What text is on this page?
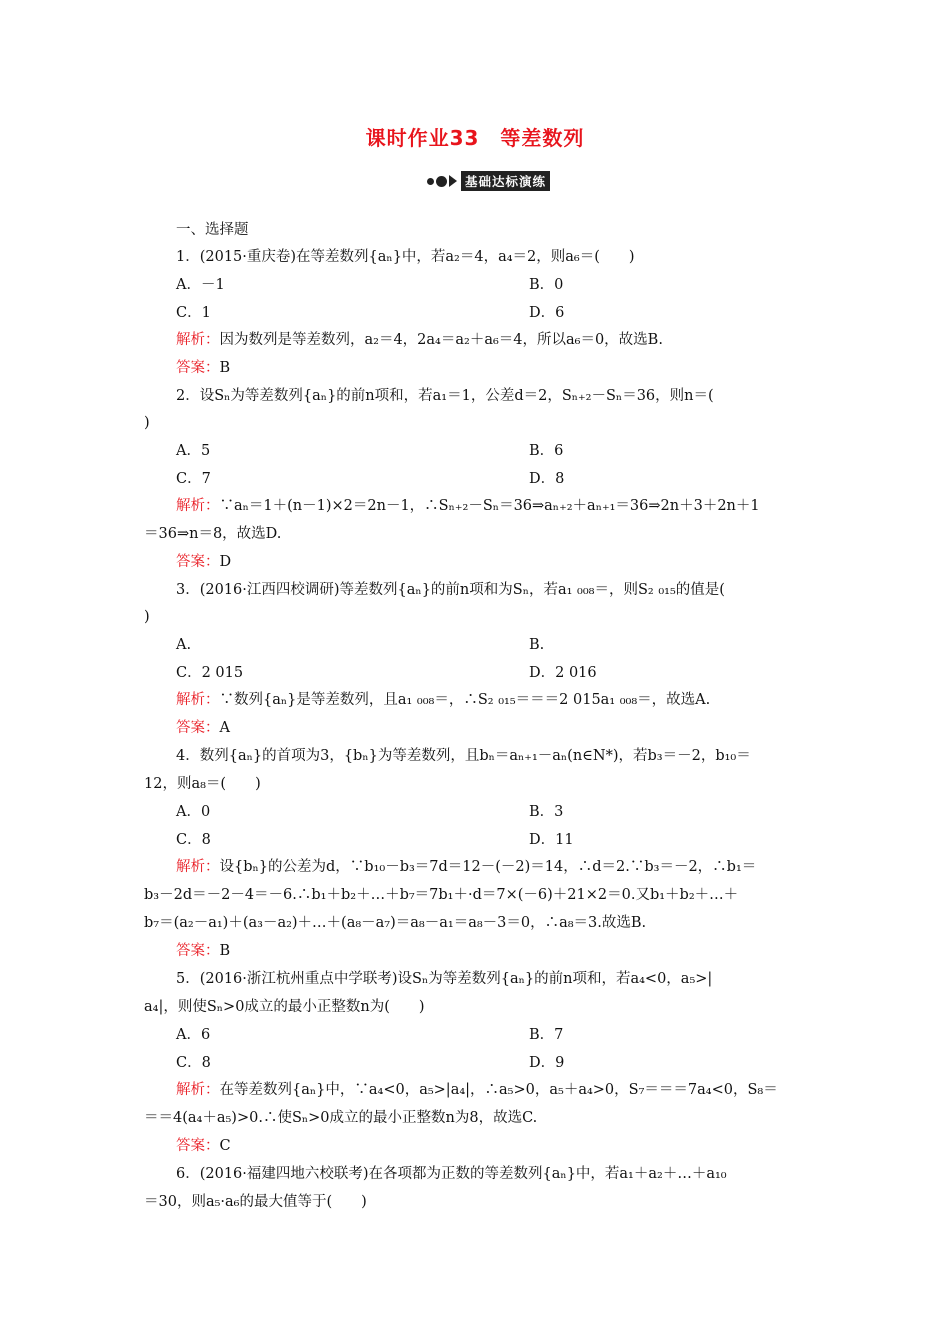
课时作业33　等差数列
基础达标演练
一、选择题
1．(2015·重庆卷)在等差数列{aₙ}中，若a₂＝4，a₄＝2，则a₆＝(　　)
A．－1	B．0
C．1	D．6
解析：因为数列是等差数列，a₂＝4，2a₄＝a₂＋a₆＝4，所以a₆＝0，故选B.
答案：B
2．设Sₙ为等差数列{aₙ}的前n项和，若a₁＝1，公差d＝2，Sₙ₊₂－Sₙ＝36，则n＝(
)
A．5	B．6
C．7	D．8
解析：∵aₙ＝1＋(n－1)×2＝2n－1，∴Sₙ₊₂－Sₙ＝36⇒aₙ₊₂＋aₙ₊₁＝36⇒2n＋3＋2n＋1
＝36⇒n＝8，故选D.
答案：D
3．(2016·江西四校调研)等差数列{aₙ}的前n项和为Sₙ，若a₁ ₀₀₈＝，则S₂ ₀₁₅的值是(
)
A.	B.
C．2 015	D．2 016
解析：∵数列{aₙ}是等差数列，且a₁ ₀₀₈＝，∴S₂ ₀₁₅＝＝＝2 015a₁ ₀₀₈＝，故选A.
答案：A
4．数列{aₙ}的首项为3，{bₙ}为等差数列，且bₙ＝aₙ₊₁－aₙ(n∈N*)，若b₃＝－2，b₁₀＝
12，则a₈＝(　　)
A．0	B．3
C．8	D．11
解析：设{bₙ}的公差为d，∵b₁₀－b₃＝7d＝12－(－2)＝14，∴d＝2.∵b₃＝－2，∴b₁＝
b₃－2d＝－2－4＝－6.∴b₁＋b₂＋…＋b₇＝7b₁＋·d＝7×(－6)＋21×2＝0.又b₁＋b₂＋…＋
b₇＝(a₂－a₁)＋(a₃－a₂)＋…＋(a₈－a₇)＝a₈－a₁＝a₈－3＝0，∴a₈＝3.故选B.
答案：B
5．(2016·浙江杭州重点中学联考)设Sₙ为等差数列{aₙ}的前n项和，若a₄<0，a₅>|
a₄|，则使Sₙ>0成立的最小正整数n为(　　)
A．6	B．7
C．8	D．9
解析：在等差数列{aₙ}中，∵a₄<0，a₅>|a₄|，∴a₅>0，a₅＋a₄>0，S₇＝＝＝7a₄<0，S₈＝
＝＝4(a₄＋a₅)>0.∴使Sₙ>0成立的最小正整数n为8，故选C.
答案：C
6．(2016·福建四地六校联考)在各项都为正数的等差数列{aₙ}中，若a₁＋a₂＋…＋a₁₀
＝30，则a₅·a₆的最大值等于(　　)
